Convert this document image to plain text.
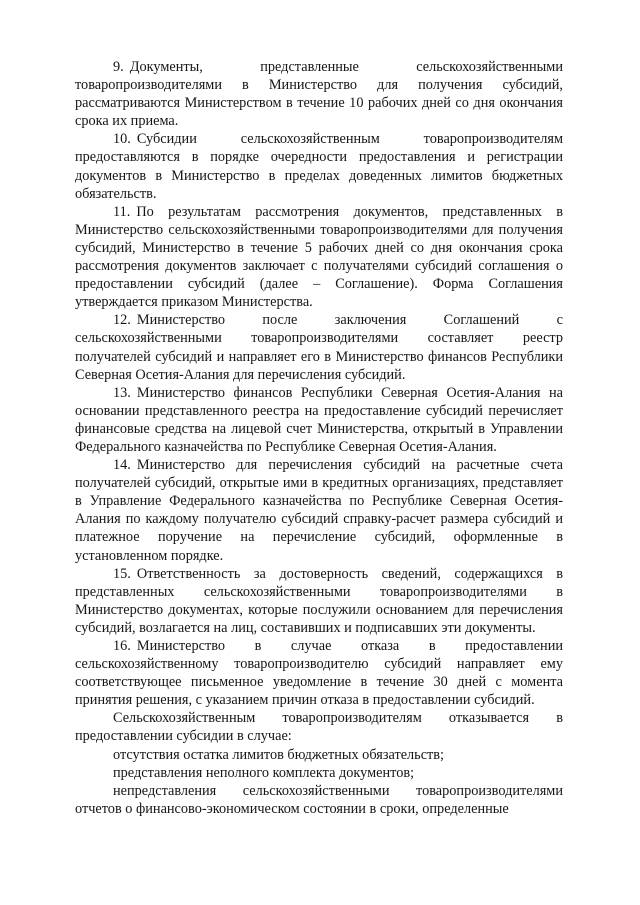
9. Документы, представленные сельскохозяйственными товаропроизводителями в Министерство для получения субсидий, рассматриваются Министерством в течение 10 рабочих дней со дня окончания срока их приема.

10. Субсидии сельскохозяйственным товаропроизводителям предоставляются в порядке очередности предоставления и регистрации документов в Министерство в пределах доведенных лимитов бюджетных обязательств.

11. По результатам рассмотрения документов, представленных в Министерство сельскохозяйственными товаропроизводителями для получения субсидий, Министерство в течение 5 рабочих дней со дня окончания срока рассмотрения документов заключает с получателями субсидий соглашения о предоставлении субсидий (далее – Соглашение). Форма Соглашения утверждается приказом Министерства.

12. Министерство после заключения Соглашений с сельскохозяйственными товаропроизводителями составляет реестр получателей субсидий и направляет его в Министерство финансов Республики Северная Осетия-Алания для перечисления субсидий.

13. Министерство финансов Республики Северная Осетия-Алания на основании представленного реестра на предоставление субсидий перечисляет финансовые средства на лицевой счет Министерства, открытый в Управлении Федерального казначейства по Республике Северная Осетия-Алания.

14. Министерство для перечисления субсидий на расчетные счета получателей субсидий, открытые ими в кредитных организациях, представляет в Управление Федерального казначейства по Республике Северная Осетия-Алания по каждому получателю субсидий справку-расчет размера субсидий и платежное поручение на перечисление субсидий, оформленные в установленном порядке.

15. Ответственность за достоверность сведений, содержащихся в представленных сельскохозяйственными товаропроизводителями в Министерство документах, которые послужили основанием для перечисления субсидий, возлагается на лиц, составивших и подписавших эти документы.

16. Министерство в случае отказа в предоставлении сельскохозяйственному товаропроизводителю субсидий направляет ему соответствующее письменное уведомление в течение 30 дней с момента принятия решения, с указанием причин отказа в предоставлении субсидий.

Сельскохозяйственным товаропроизводителям отказывается в предоставлении субсидии в случае:

отсутствия остатка лимитов бюджетных обязательств;

представления неполного комплекта документов;

непредставления сельскохозяйственными товаропроизводителями отчетов о финансово-экономическом состоянии в сроки, определенные
